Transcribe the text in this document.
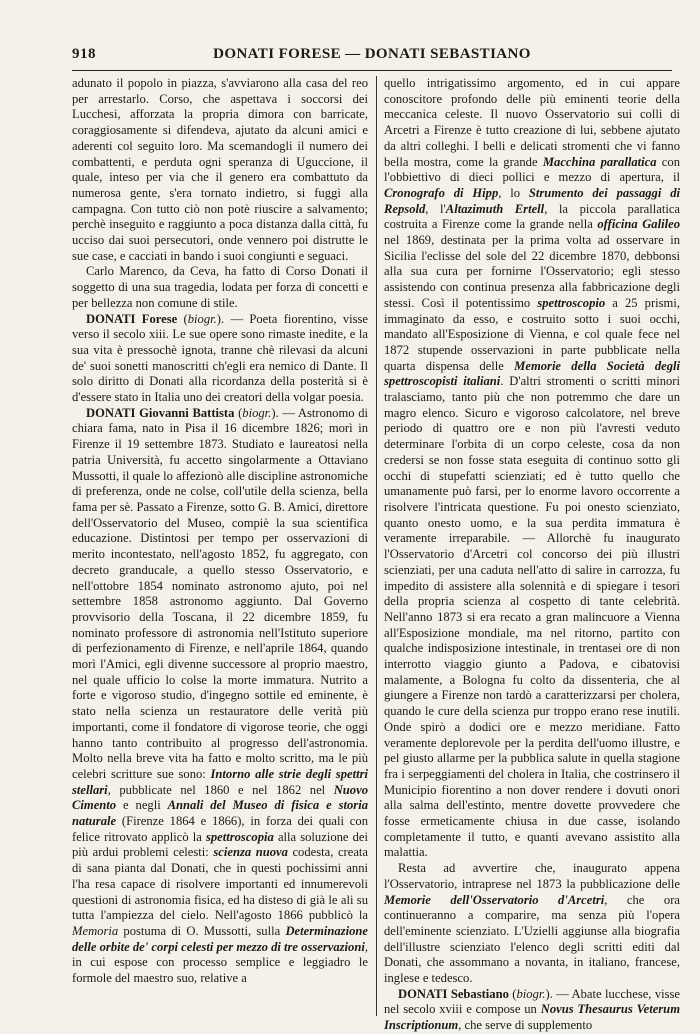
918	DONATI FORESE — DONATI SEBASTIANO

adunato il popolo in piazza, s'avviarono alla casa del reo per arrestarlo. Corso, che aspettava i soccorsi dei Lucchesi, afforzata la propria dimora con barricate, coraggiosamente si difendeva, ajutato da alcuni amici e aderenti col seguito loro. Ma scemandogli il numero dei combattenti, e perduta ogni speranza di Uguccione, il quale, inteso per via che il genero era combattuto da numerosa gente, s'era tornato indietro, si fuggì alla campagna. Con tutto ciò non potè riuscire a salvamento; perchè inseguito e raggiunto a poca distanza dalla città, fu ucciso dai suoi persecutori, onde vennero poi distrutte le sue case, e cacciati in bando i suoi congiunti e seguaci.

Carlo Marenco, da Ceva, ha fatto di Corso Donati il soggetto di una sua tragedia, lodata per forza di concetti e per bellezza non comune di stile.

DONATI Forese (biogr.). — Poeta fiorentino, visse verso il secolo xiii. Le sue opere sono rimaste inedite, e la sua vita è pressochè ignota, tranne chè rilevasi da alcuni de' suoi sonetti manoscritti ch'egli era nemico di Dante. Il solo diritto di Donati alla ricordanza della posterità si è d'essere stato in Italia uno dei creatori della volgar poesia.

DONATI Giovanni Battista (biogr.). — Astronomo di chiara fama, nato in Pisa il 16 dicembre 1826; morì in Firenze il 19 settembre 1873. Studiato e laureatosi nella patria Università, fu accetto singolarmente a Ottaviano Mussotti, il quale lo affezionò alle discipline astronomiche di preferenza, onde ne colse, coll'utile della scienza, bella fama per sè. Passato a Firenze, sotto G. B. Amici, direttore dell'Osservatorio del Museo, compiè la sua scientifica educazione. Distintosi per tempo per osservazioni di merito incontestato, nell'agosto 1852, fu aggregato, con decreto granducale, a quello stesso Osservatorio, e nell'ottobre 1854 nominato astronomo ajuto, poi nel settembre 1858 astronomo aggiunto. Dal Governo provvisorio della Toscana, il 22 dicembre 1859, fu nominato professore di astronomia nell'Istituto superiore di perfezionamento di Firenze, e nell'aprile 1864, quando morì l'Amici, egli divenne successore al proprio maestro, nel quale ufficio lo colse la morte immatura. Nutrito a forte e vigoroso studio, d'ingegno sottile ed eminente, è stato nella scienza un restauratore delle verità più importanti, come il fondatore di vigorose teorie, che oggi hanno tanto contribuito al progresso dell'astronomia. Molto nella breve vita ha fatto e molto scritto, ma le più celebri scritture sue sono: Intorno alle strie degli spettri stellari, pubblicate nel 1860 e nel 1862 nel Nuovo Cimento e negli Annali del Museo di fisica e storia naturale (Firenze 1864 e 1866), in forza dei quali con felice ritrovato applicò la spettroscopia alla soluzione dei più ardui problemi celesti: scienza nuova codesta, creata di sana pianta dal Donati, che in questi pochissimi anni l'ha resa capace di risolvere importanti ed innumerevoli questioni di astronomia fisica, ed ha disteso di già le ali su tutta l'ampiezza del cielo. Nell'agosto 1866 pubblicò la Memoria postuma di O. Mussotti, sulla Determinazione delle orbite de' corpi celesti per mezzo di tre osservazioni, in cui espose con processo semplice e leggiadro le formole del maestro suo, relative a

quello intrigatissimo argomento, ed in cui appare conoscitore profondo delle più eminenti teorie della meccanica celeste. Il nuovo Osservatorio sui colli di Arcetri a Firenze è tutto creazione di lui, sebbene ajutato da altri colleghi. I belli e delicati stromenti che vi fanno bella mostra, come la grande Macchina parallatica con l'obbiettivo di dieci pollici e mezzo di apertura, il Cronografo di Hipp, lo Strumento dei passaggi di Repsold, l'Altazimuth Ertell, la piccola parallatica costruita a Firenze come la grande nella officina Galileo nel 1869, destinata per la prima volta ad osservare in Sicilia l'eclisse del sole del 22 dicembre 1870, debbonsi alla sua cura per fornirne l'Osservatorio; egli stesso assistendo con continua presenza alla fabbricazione degli stessi. Così il potentissimo spettroscopio a 25 prismi, immaginato da esso, e costruito sotto i suoi occhi, mandato all'Esposizione di Vienna, e col quale fece nel 1872 stupende osservazioni in parte pubblicate nella quarta dispensa delle Memorie della Società degli spettroscopisti italiani. D'altri stromenti o scritti minori tralasciamo, tanto più che non potremmo che dare un magro elenco. Sicuro e vigoroso calcolatore, nel breve periodo di quattro ore e non più l'avresti veduto determinare l'orbita di un corpo celeste, cosa da non credersi se non fosse stata eseguita di continuo sotto gli occhi di stupefatti scienziati; ed è tutto quello che umanamente può farsi, per lo enorme lavoro occorrente a risolvere l'intricata questione. Fu poi onesto scienziato, quanto onesto uomo, e la sua perdita immatura è veramente irreparabile. — Allorchè fu inaugurato l'Osservatorio d'Arcetri col concorso dei più illustri scienziati, per una caduta nell'atto di salire in carrozza, fu impedito di assistere alla solennità e di spiegare i tesori della propria scienza al cospetto di tante celebrità. Nell'anno 1873 si era recato a gran malincuore a Vienna all'Esposizione mondiale, ma nel ritorno, partito con qualche indisposizione intestinale, in trentasei ore di non interrotto viaggio giunto a Padova, e cibatovisi malamente, a Bologna fu colto da dissenteria, che al giungere a Firenze non tardò a caratterizzarsi per cholera, quando le cure della scienza pur troppo erano rese inutili. Onde spirò a dodici ore e mezzo meridiane. Fatto veramente deplorevole per la perdita dell'uomo illustre, e pel giusto allarme per la pubblica salute in quella stagione fra i serpeggiamenti del cholera in Italia, che costrinsero il Municipio fiorentino a non dover rendere i dovuti onori alla salma dell'estinto, mentre dovette provvedere che fosse ermeticamente chiusa in due casse, isolando completamente il tutto, e quanti avevano assistito alla malattia.

Resta ad avvertire che, inaugurato appena l'Osservatorio, intraprese nel 1873 la pubblicazione delle Memorie dell'Osservatorio d'Arcetri, che ora continueranno a comparire, ma senza più l'opera dell'eminente scienziato. L'Uzielli aggiunse alla biografia dell'illustre scienziato l'elenco degli scritti editi dal Donati, che assommano a novanta, in italiano, francese, inglese e tedesco.

DONATI Sebastiano (biogr.). — Abate lucchese, visse nel secolo xviii e compose un Novus Thesaurus Veterum Inscriptionum, che serve di supplemento
